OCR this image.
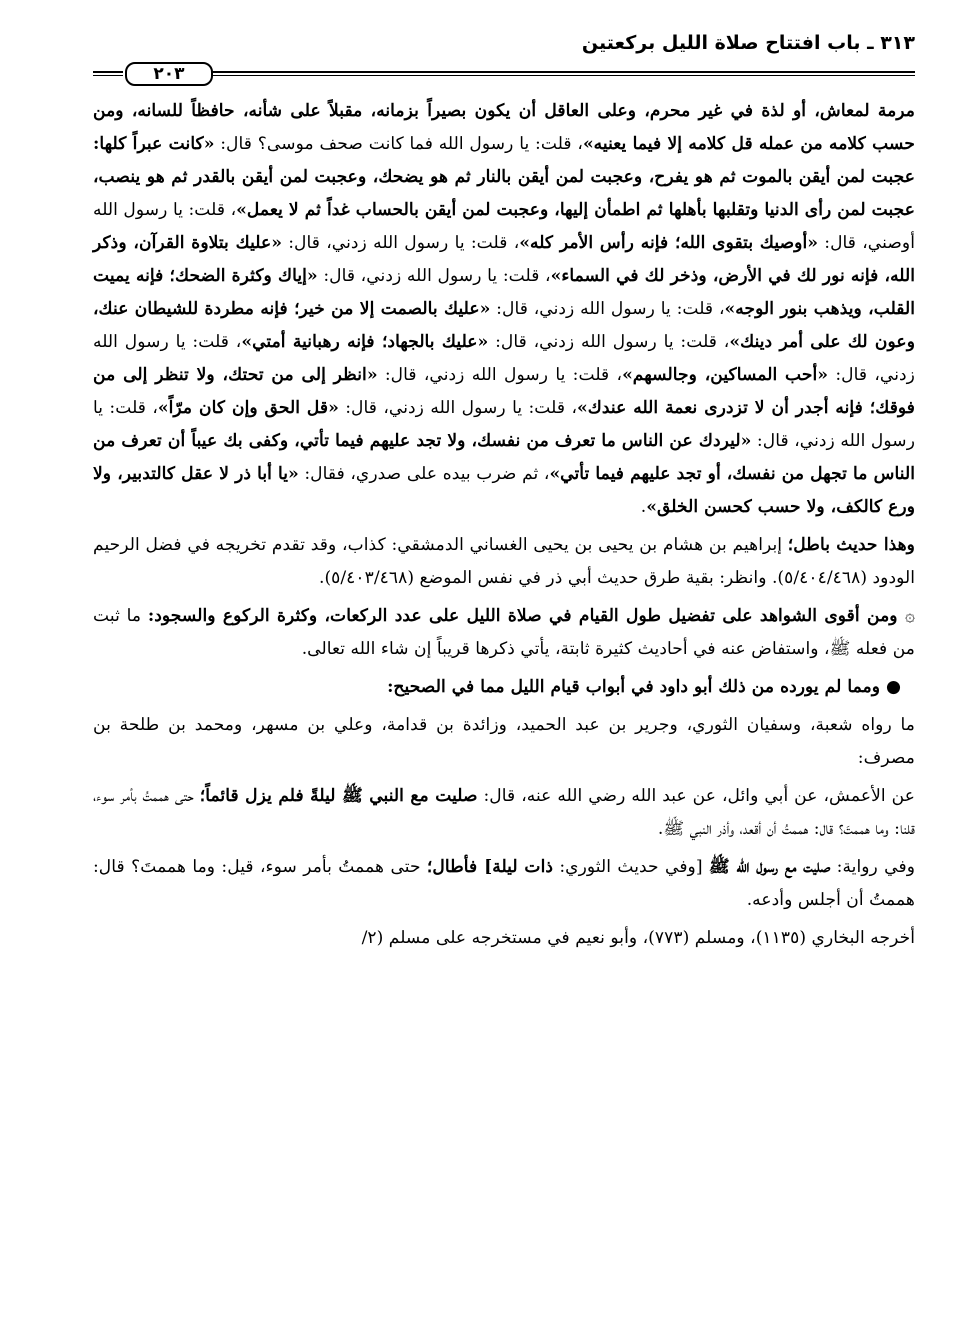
٣١٣ ـ باب افتتاح صلاة الليل بركعتين
٢٠٣

مرمة لمعاش، أو لذة في غير محرم، وعلى العاقل أن يكون بصيراً بزمانه، مقبلاً على شأنه، حافظاً للسانه، ومن حسب كلامه من عمله قل كلامه إلا فيما يعنيه»، قلت: يا رسول الله فما كانت صحف موسى؟ قال: «كانت عبراً كلها: عجبت لمن أيقن بالموت ثم هو يفرح، وعجبت لمن أيقن بالنار ثم هو يضحك، وعجبت لمن أيقن بالقدر ثم هو ينصب، عجبت لمن رأى الدنيا وتقلبها بأهلها ثم اطمأن إليها، وعجبت لمن أيقن بالحساب غداً ثم لا يعمل»، قلت: يا رسول الله أوصني، قال: «أوصيك بتقوى الله؛ فإنه رأس الأمر كله»، قلت: يا رسول الله زدني، قال: «عليك بتلاوة القرآن، وذكر الله، فإنه نور لك في الأرض، وذخر لك في السماء»، قلت: يا رسول الله زدني، قال: «إياك وكثرة الضحك؛ فإنه يميت القلب، ويذهب بنور الوجه»، قلت: يا رسول الله زدني، قال: «عليك بالصمت إلا من خير؛ فإنه مطردة للشيطان عنك، وعون لك على أمر دينك»، قلت: يا رسول الله زدني، قال: «عليك بالجهاد؛ فإنه رهبانية أمتي»، قلت: يا رسول الله زدني، قال: «أحب المساكين، وجالسهم»، قلت: يا رسول الله زدني، قال: «انظر إلى من تحتك، ولا تنظر إلى من فوقك؛ فإنه أجدر أن لا تزدرى نعمة الله عندك»، قلت: يا رسول الله زدني، قال: «قل الحق وإن كان مرّاً»، قلت: يا رسول الله زدني، قال: «ليردك عن الناس ما تعرف من نفسك، ولا تجد عليهم فيما تأتي، وكفى بك عيباً أن تعرف من الناس ما تجهل من نفسك، أو تجد عليهم فيما تأتي»، ثم ضرب بيده على صدري، فقال: «يا أبا ذر لا عقل كالتدبير، ولا ورع كالكف، ولا حسب كحسن الخلق».

وهذا حديث باطل؛ إبراهيم بن هشام بن يحيى بن يحيى الغساني الدمشقي: كذاب، وقد تقدم تخريجه في فضل الرحيم الودود (٥/٤٠٤/٤٦٨). وانظر: بقية طرق حديث أبي ذر في نفس الموضع (٥/٤٠٣/٤٦٨).

۞ ومن أقوى الشواهد على تفضيل طول القيام في صلاة الليل على عدد الركعات، وكثرة الركوع والسجود: ما ثبت من فعله ﷺ، واستفاض عنه في أحاديث كثيرة ثابتة، يأتي ذكرها قريباً إن شاء الله تعالى.

● ومما لم يورده من ذلك أبو داود في أبواب قيام الليل مما في الصحيح:

ما رواه شعبة، وسفيان الثوري، وجرير بن عبد الحميد، وزائدة بن قدامة، وعلي بن مسهر، ومحمد بن طلحة بن مصرف:

عن الأعمش، عن أبي وائل، عن عبد الله رضي الله عنه، قال: صليت مع النبي ﷺ ليلةً فلم يزل قائماً؛ حتى هممتُ بأمر سوء، قلنا: وما هممتَ؟ قال: هممتُ أن أقعد، وأذر النبي ﷺ.

وفي رواية: صليت مع رسول الله ﷺ [وفي حديث الثوري: ذات ليلة] فأطال؛ حتى هممتُ بأمر سوء، قيل: وما هممتَ؟ قال: هممتُ أن أجلس وأدعه.

أخرجه البخاري (١١٣٥)، ومسلم (٧٧٣)، وأبو نعيم في مستخرجه على مسلم (٢/
